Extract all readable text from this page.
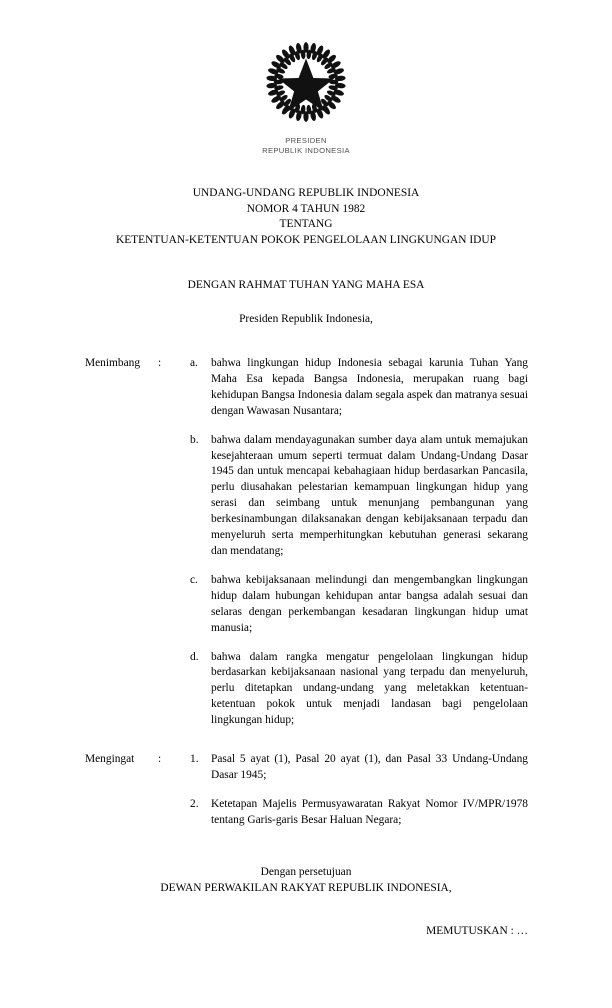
PRESIDEN
REPUBLIK INDONESIA
UNDANG-UNDANG REPUBLIK INDONESIA
NOMOR 4 TAHUN 1982
TENTANG
KETENTUAN-KETENTUAN POKOK PENGELOLAAN LINGKUNGAN IDUP
DENGAN RAHMAT TUHAN YANG MAHA ESA
Presiden Republik Indonesia,
Menimbang	:	a.	bahwa lingkungan hidup Indonesia sebagai karunia Tuhan Yang Maha Esa kepada Bangsa Indonesia, merupakan ruang bagi kehidupan Bangsa Indonesia dalam segala aspek dan matranya sesuai dengan Wawasan Nusantara;
b.	bahwa dalam mendayagunakan sumber daya alam untuk memajukan kesejahteraan umum seperti termuat dalam Undang-Undang Dasar 1945 dan untuk mencapai kebahagiaan hidup berdasarkan Pancasila, perlu diusahakan pelestarian kemampuan lingkungan hidup yang serasi dan seimbang untuk menunjang pembangunan yang berkesinambungan dilaksanakan dengan kebijaksanaan terpadu dan menyeluruh serta memperhitungkan kebutuhan generasi sekarang dan mendatang;
c.	bahwa kebijaksanaan melindungi dan mengembangkan lingkungan hidup dalam hubungan kehidupan antar bangsa adalah sesuai dan selaras dengan perkembangan kesadaran lingkungan hidup umat manusia;
d.	bahwa dalam rangka mengatur pengelolaan lingkungan hidup berdasarkan kebijaksanaan nasional yang terpadu dan menyeluruh, perlu ditetapkan undang-undang yang meletakkan ketentuan-ketentuan pokok untuk menjadi landasan bagi pengelolaan lingkungan hidup;
Mengingat	:	1.	Pasal 5 ayat (1), Pasal 20 ayat (1), dan Pasal 33 Undang-Undang Dasar 1945;
2.	Ketetapan Majelis Permusyawaratan Rakyat Nomor IV/MPR/1978 tentang Garis-garis Besar Haluan Negara;
Dengan persetujuan
DEWAN PERWAKILAN RAKYAT REPUBLIK INDONESIA,
MEMUTUSKAN : …
